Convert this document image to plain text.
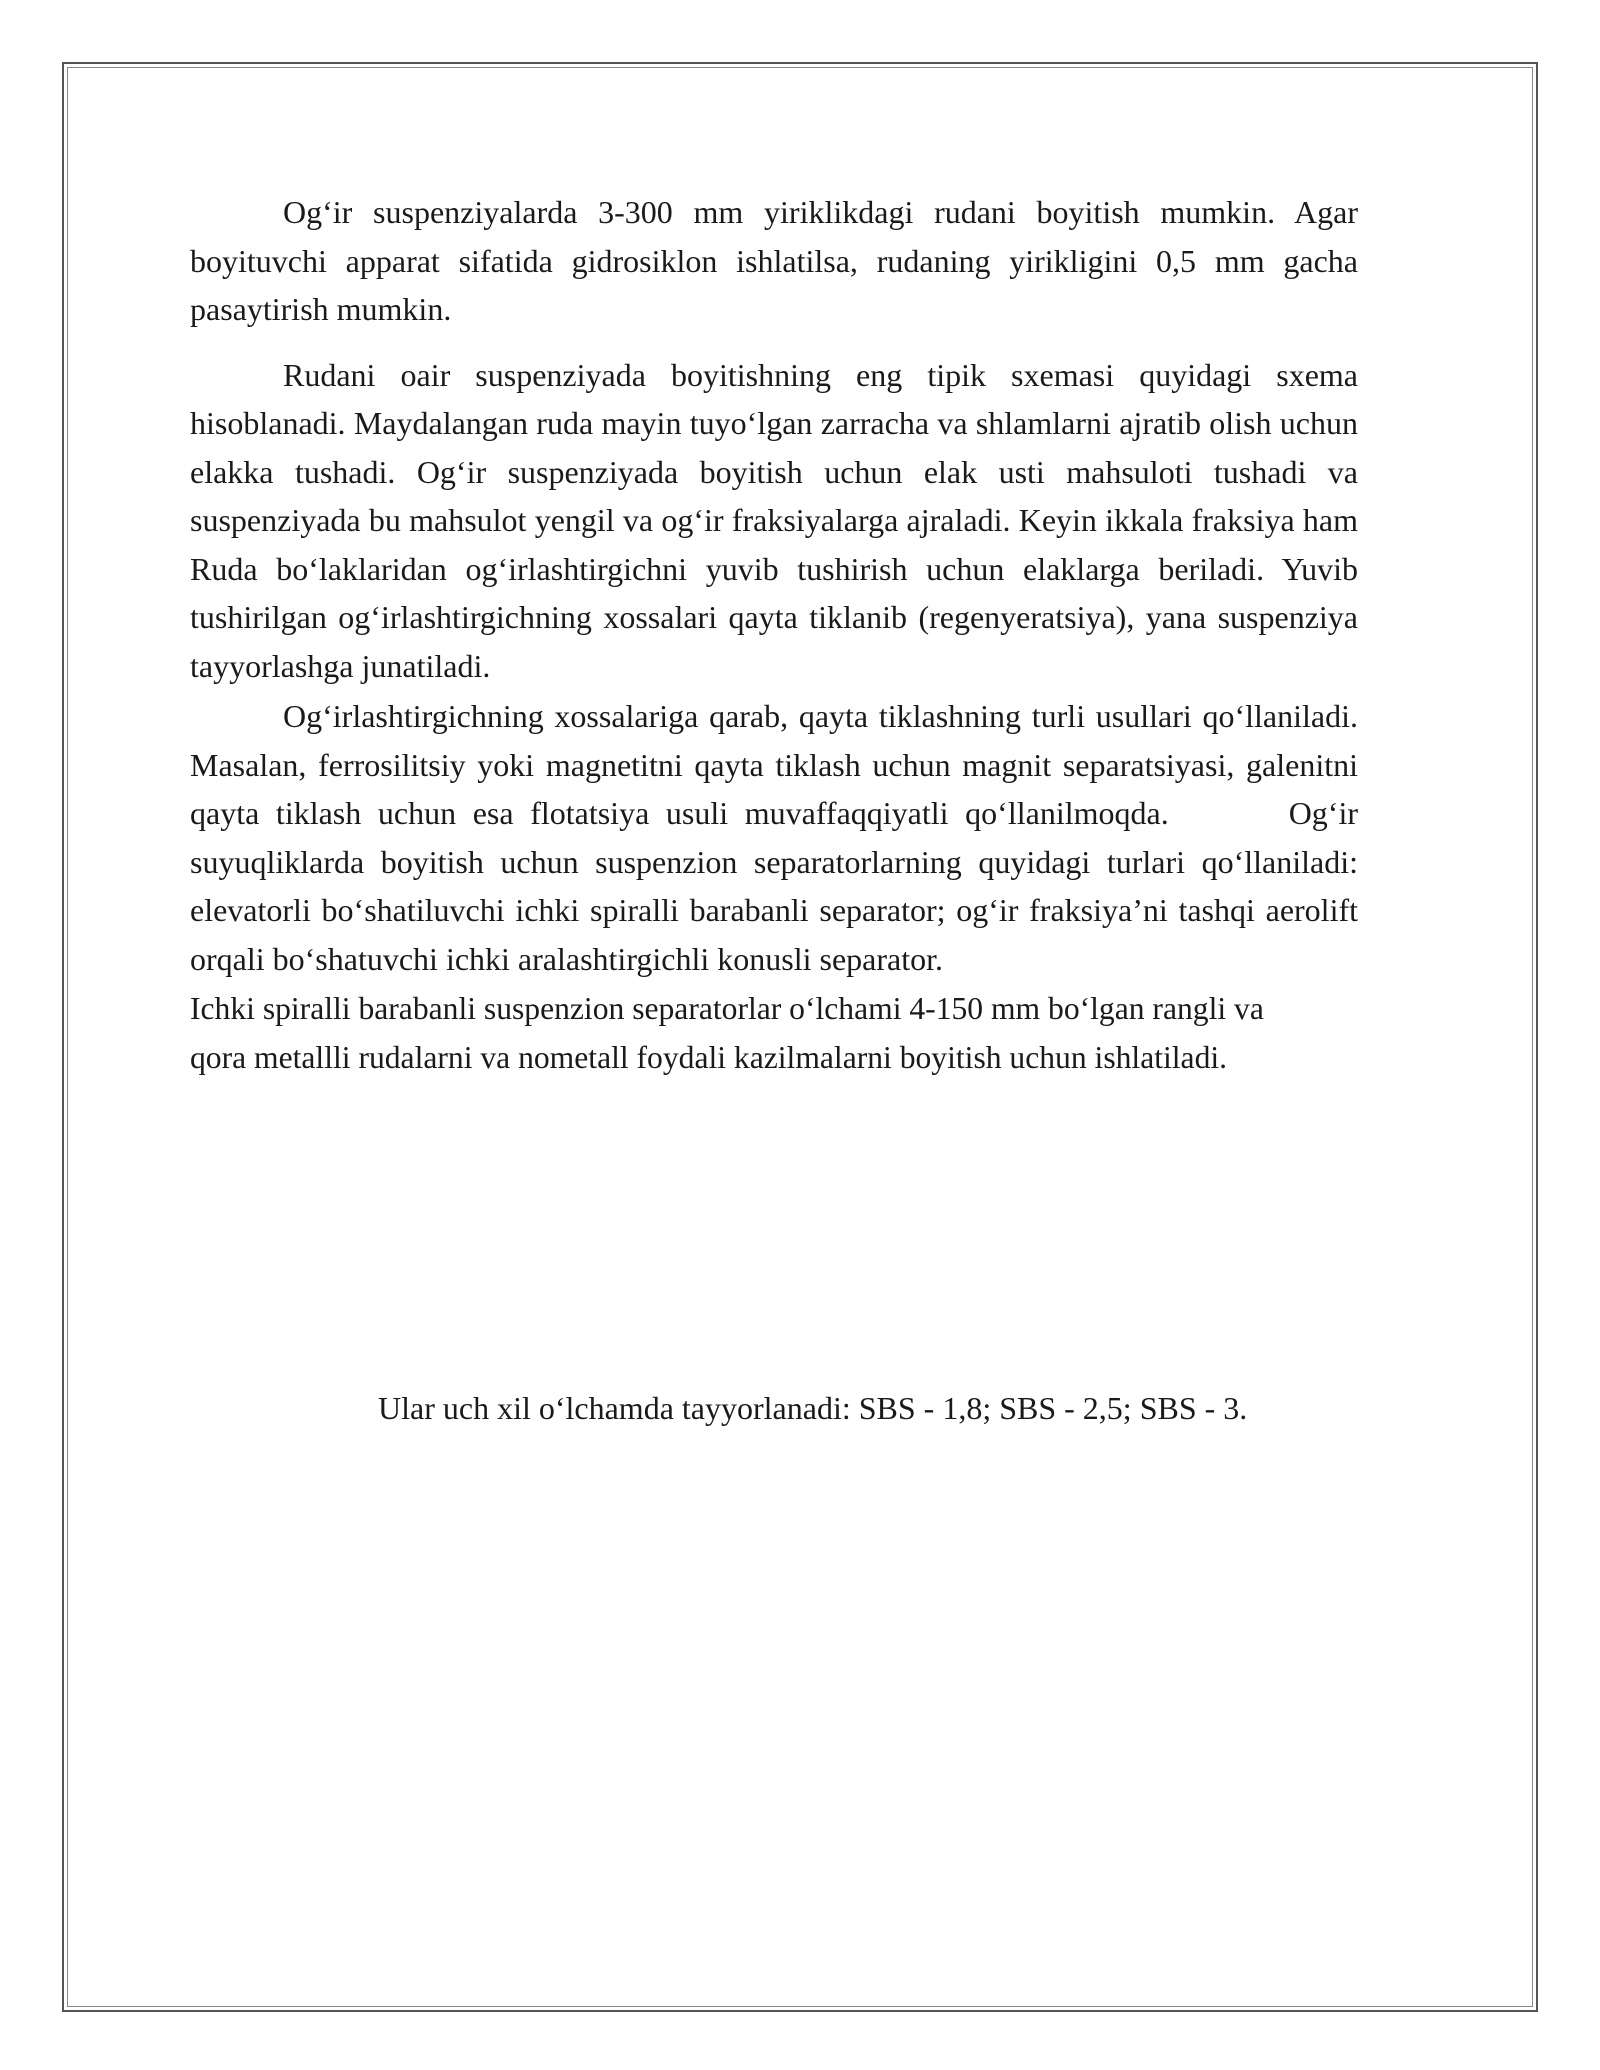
Og‘ir suspenziyalarda 3-300 mm yiriklikdagi rudani boyitish mumkin. Agar boyituvchi apparat sifatida gidrosiklon ishlatilsa, rudaning yirikligini 0,5 mm gacha pasaytirish mumkin.

Rudani oair suspenziyada boyitishning eng tipik sxemasi quyidagi sxema hisoblanadi. Maydalangan ruda mayin tuyo‘lgan zarracha va shlamlarni ajratib olish uchun elakka tushadi. Og‘ir suspenziyada boyitish uchun elak usti mahsuloti tushadi va suspenziyada bu mahsulot yengil va og‘ir fraksiyalarga ajraladi. Keyin ikkala fraksiya ham Ruda bo‘laklaridan og‘irlashtirgichni yuvib tushirish uchun elaklarga beriladi. Yuvib tushirilgan og‘irlashtirgichning xossalari qayta tiklanib (regenyeratsiya), yana suspenziya tayyorlashga junatiladi.

Og‘irlashtirgichning xossalariga qarab, qayta tiklashning turli usullari qo‘llaniladi. Masalan, ferrosilitsiy yoki magnetitni qayta tiklash uchun magnit separatsiyasi, galenitni qayta tiklash uchun esa flotatsiya usuli muvaffaqqiyatli qo‘llanilmoqda.	Og‘ir suyuqliklarda boyitish uchun suspenzion separatorlarning quyidagi turlari qo‘llaniladi: elevatorli bo‘shatiluvchi ichki spiralli barabanli separator; og‘ir fraksiya’ni tashqi aerolift orqali bo‘shatuvchi ichki aralashtirgichli konusli separator.

Ichki spiralli barabanli suspenzion separatorlar o‘lchami 4-150 mm bo‘lgan rangli va

qora metallli rudalarni va nometall foydali kazilmalarni boyitish uchun ishlatiladi.

Ular uch xil o‘lchamda tayyorlanadi: SBS - 1,8; SBS - 2,5; SBS - 3.
